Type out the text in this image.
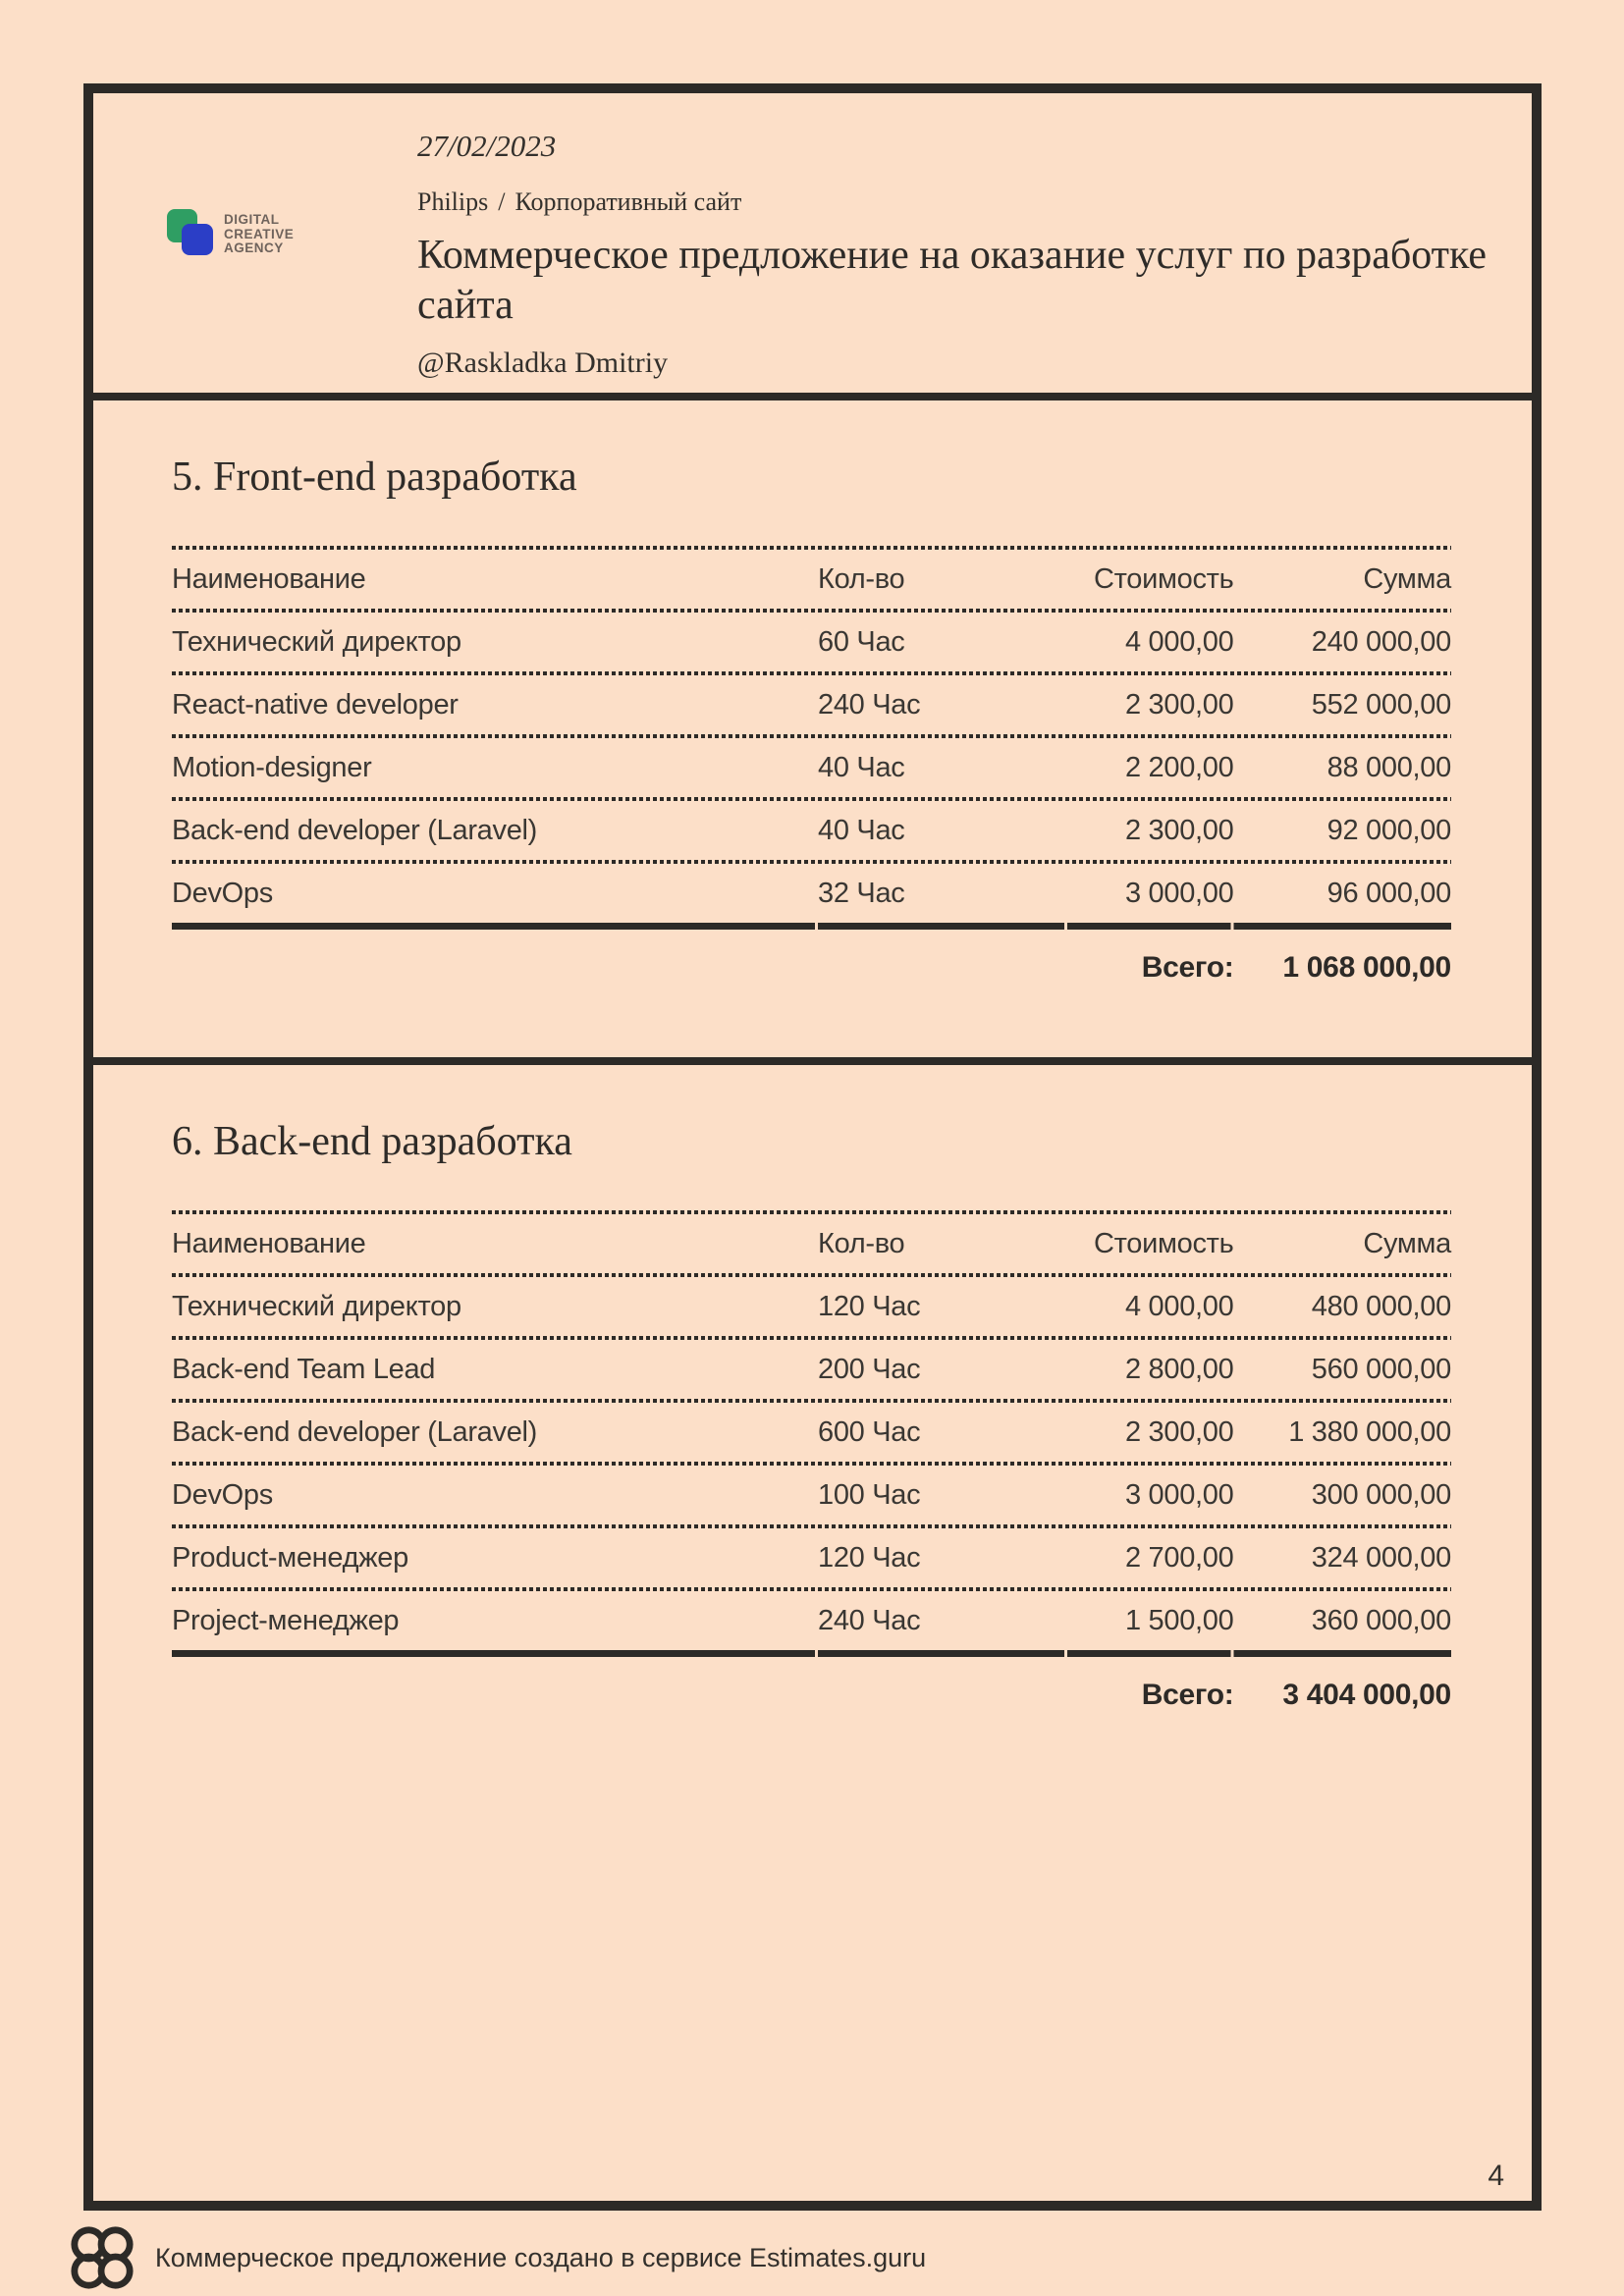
DIGITAL
CREATIVE
AGENCY
27/02/2023
Philips / Корпоративный сайт
Коммерческое предложение на оказание услуг по разработке сайта
@Raskladka Dmitriy
5. Front-end разработка
Наименование	Кол-во	Стоимость	Сумма
Технический директор	60 Час	4 000,00	240 000,00
React-native developer	240 Час	2 300,00	552 000,00
Motion-designer	40 Час	2 200,00	88 000,00
Back-end developer (Laravel)	40 Час	2 300,00	92 000,00
DevOps	32 Час	3 000,00	96 000,00
Всего:	1 068 000,00
6. Back-end разработка
Наименование	Кол-во	Стоимость	Сумма
Технический директор	120 Час	4 000,00	480 000,00
Back-end Team Lead	200 Час	2 800,00	560 000,00
Back-end developer (Laravel)	600 Час	2 300,00	1 380 000,00
DevOps	100 Час	3 000,00	300 000,00
Product-менеджер	120 Час	2 700,00	324 000,00
Project-менеджер	240 Час	1 500,00	360 000,00
Всего:	3 404 000,00
4
Коммерческое предложение создано в сервисе Estimates.guru
